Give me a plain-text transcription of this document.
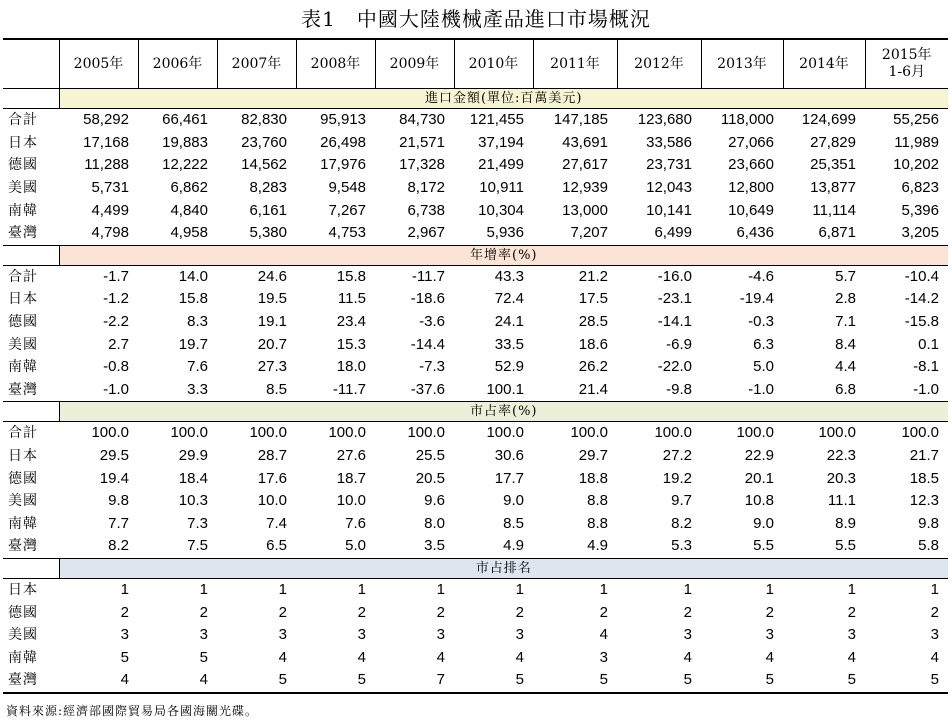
表1　中國大陸機械產品進口市場概況
	2005年	2006年	2007年	2008年	2009年	2010年	2011年	2012年	2013年	2014年	2015年
1-6月

	進口金額(單位:百萬美元)										
合計	58,292	66,461	82,830	95,913	84,730	121,455	147,185	123,680	118,000	124,699	55,256
日本	17,168	19,883	23,760	26,498	21,571	37,194	43,691	33,586	27,066	27,829	11,989
德國	11,288	12,222	14,562	17,976	17,328	21,499	27,617	23,731	23,660	25,351	10,202
美國	5,731	6,862	8,283	9,548	8,172	10,911	12,939	12,043	12,800	13,877	6,823
南韓	4,499	4,840	6,161	7,267	6,738	10,304	13,000	10,141	10,649	11,114	5,396
臺灣	4,798	4,958	5,380	4,753	2,967	5,936	7,207	6,499	6,436	6,871	3,205
	年增率(%)										
合計	-1.7	14.0	24.6	15.8	-11.7	43.3	21.2	-16.0	-4.6	5.7	-10.4
日本	-1.2	15.8	19.5	11.5	-18.6	72.4	17.5	-23.1	-19.4	2.8	-14.2
德國	-2.2	8.3	19.1	23.4	-3.6	24.1	28.5	-14.1	-0.3	7.1	-15.8
美國	2.7	19.7	20.7	15.3	-14.4	33.5	18.6	-6.9	6.3	8.4	0.1
南韓	-0.8	7.6	27.3	18.0	-7.3	52.9	26.2	-22.0	5.0	4.4	-8.1
臺灣	-1.0	3.3	8.5	-11.7	-37.6	100.1	21.4	-9.8	-1.0	6.8	-1.0
	市占率(%)										
合計	100.0	100.0	100.0	100.0	100.0	100.0	100.0	100.0	100.0	100.0	100.0
日本	29.5	29.9	28.7	27.6	25.5	30.6	29.7	27.2	22.9	22.3	21.7
德國	19.4	18.4	17.6	18.7	20.5	17.7	18.8	19.2	20.1	20.3	18.5
美國	9.8	10.3	10.0	10.0	9.6	9.0	8.8	9.7	10.8	11.1	12.3
南韓	7.7	7.3	7.4	7.6	8.0	8.5	8.8	8.2	9.0	8.9	9.8
臺灣	8.2	7.5	6.5	5.0	3.5	4.9	4.9	5.3	5.5	5.5	5.8
	市占排名										
日本	1	1	1	1	1	1	1	1	1	1	1
德國	2	2	2	2	2	2	2	2	2	2	2
美國	3	3	3	3	3	3	4	3	3	3	3
南韓	5	5	4	4	4	4	3	4	4	4	4
臺灣	4	4	5	5	7	5	5	5	5	5	5
資料來源:經濟部國際貿易局各國海關光碟。
